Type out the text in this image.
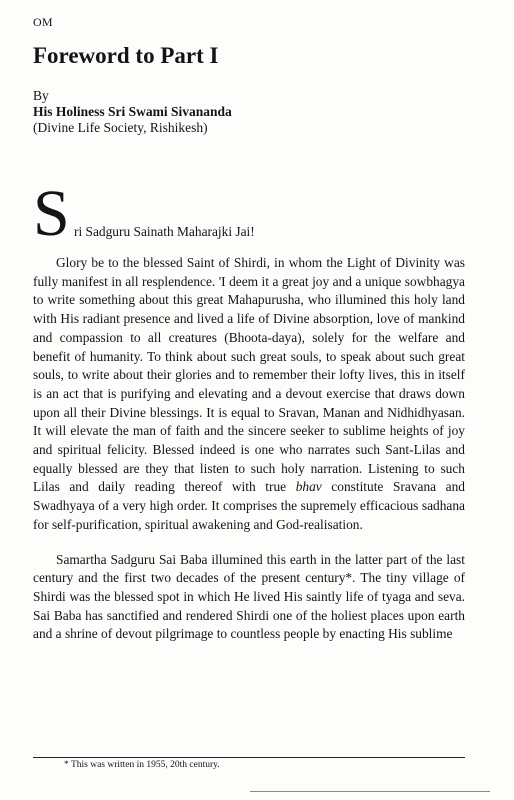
OM
Foreword to Part I
By
His Holiness Sri Swami Sivananda
(Divine Life Society, Rishikesh)
S ri Sadguru Sainath Maharajki Jai!

Glory be to the blessed Saint of Shirdi, in whom the Light of Divinity was fully manifest in all resplendence. 'I deem it a great joy and a unique sowbhagya to write something about this great Mahapurusha, who illumined this holy land with His radiant presence and lived a life of Divine absorption, love of mankind and compassion to all creatures (Bhoota-daya), solely for the welfare and benefit of humanity. To think about such great souls, to speak about such great souls, to write about their glories and to remember their lofty lives, this in itself is an act that is purifying and elevating and a devout exercise that draws down upon all their Divine blessings. It is equal to Sravan, Manan and Nidhidhyasan. It will elevate the man of faith and the sincere seeker to sublime heights of joy and spiritual felicity. Blessed indeed is one who narrates such Sant-Lilas and equally blessed are they that listen to such holy narration. Listening to such Lilas and daily reading thereof with true bhav constitute Sravana and Swadhyaya of a very high order. It comprises the supremely efficacious sadhana for self-purification, spiritual awakening and God-realisation.

Samartha Sadguru Sai Baba illumined this earth in the latter part of the last century and the first two decades of the present century*. The tiny village of Shirdi was the blessed spot in which He lived His saintly life of tyaga and seva. Sai Baba has sanctified and rendered Shirdi one of the holiest places upon earth and a shrine of devout pilgrimage to countless people by enacting His sublime

* This was written in 1955, 20th century.
